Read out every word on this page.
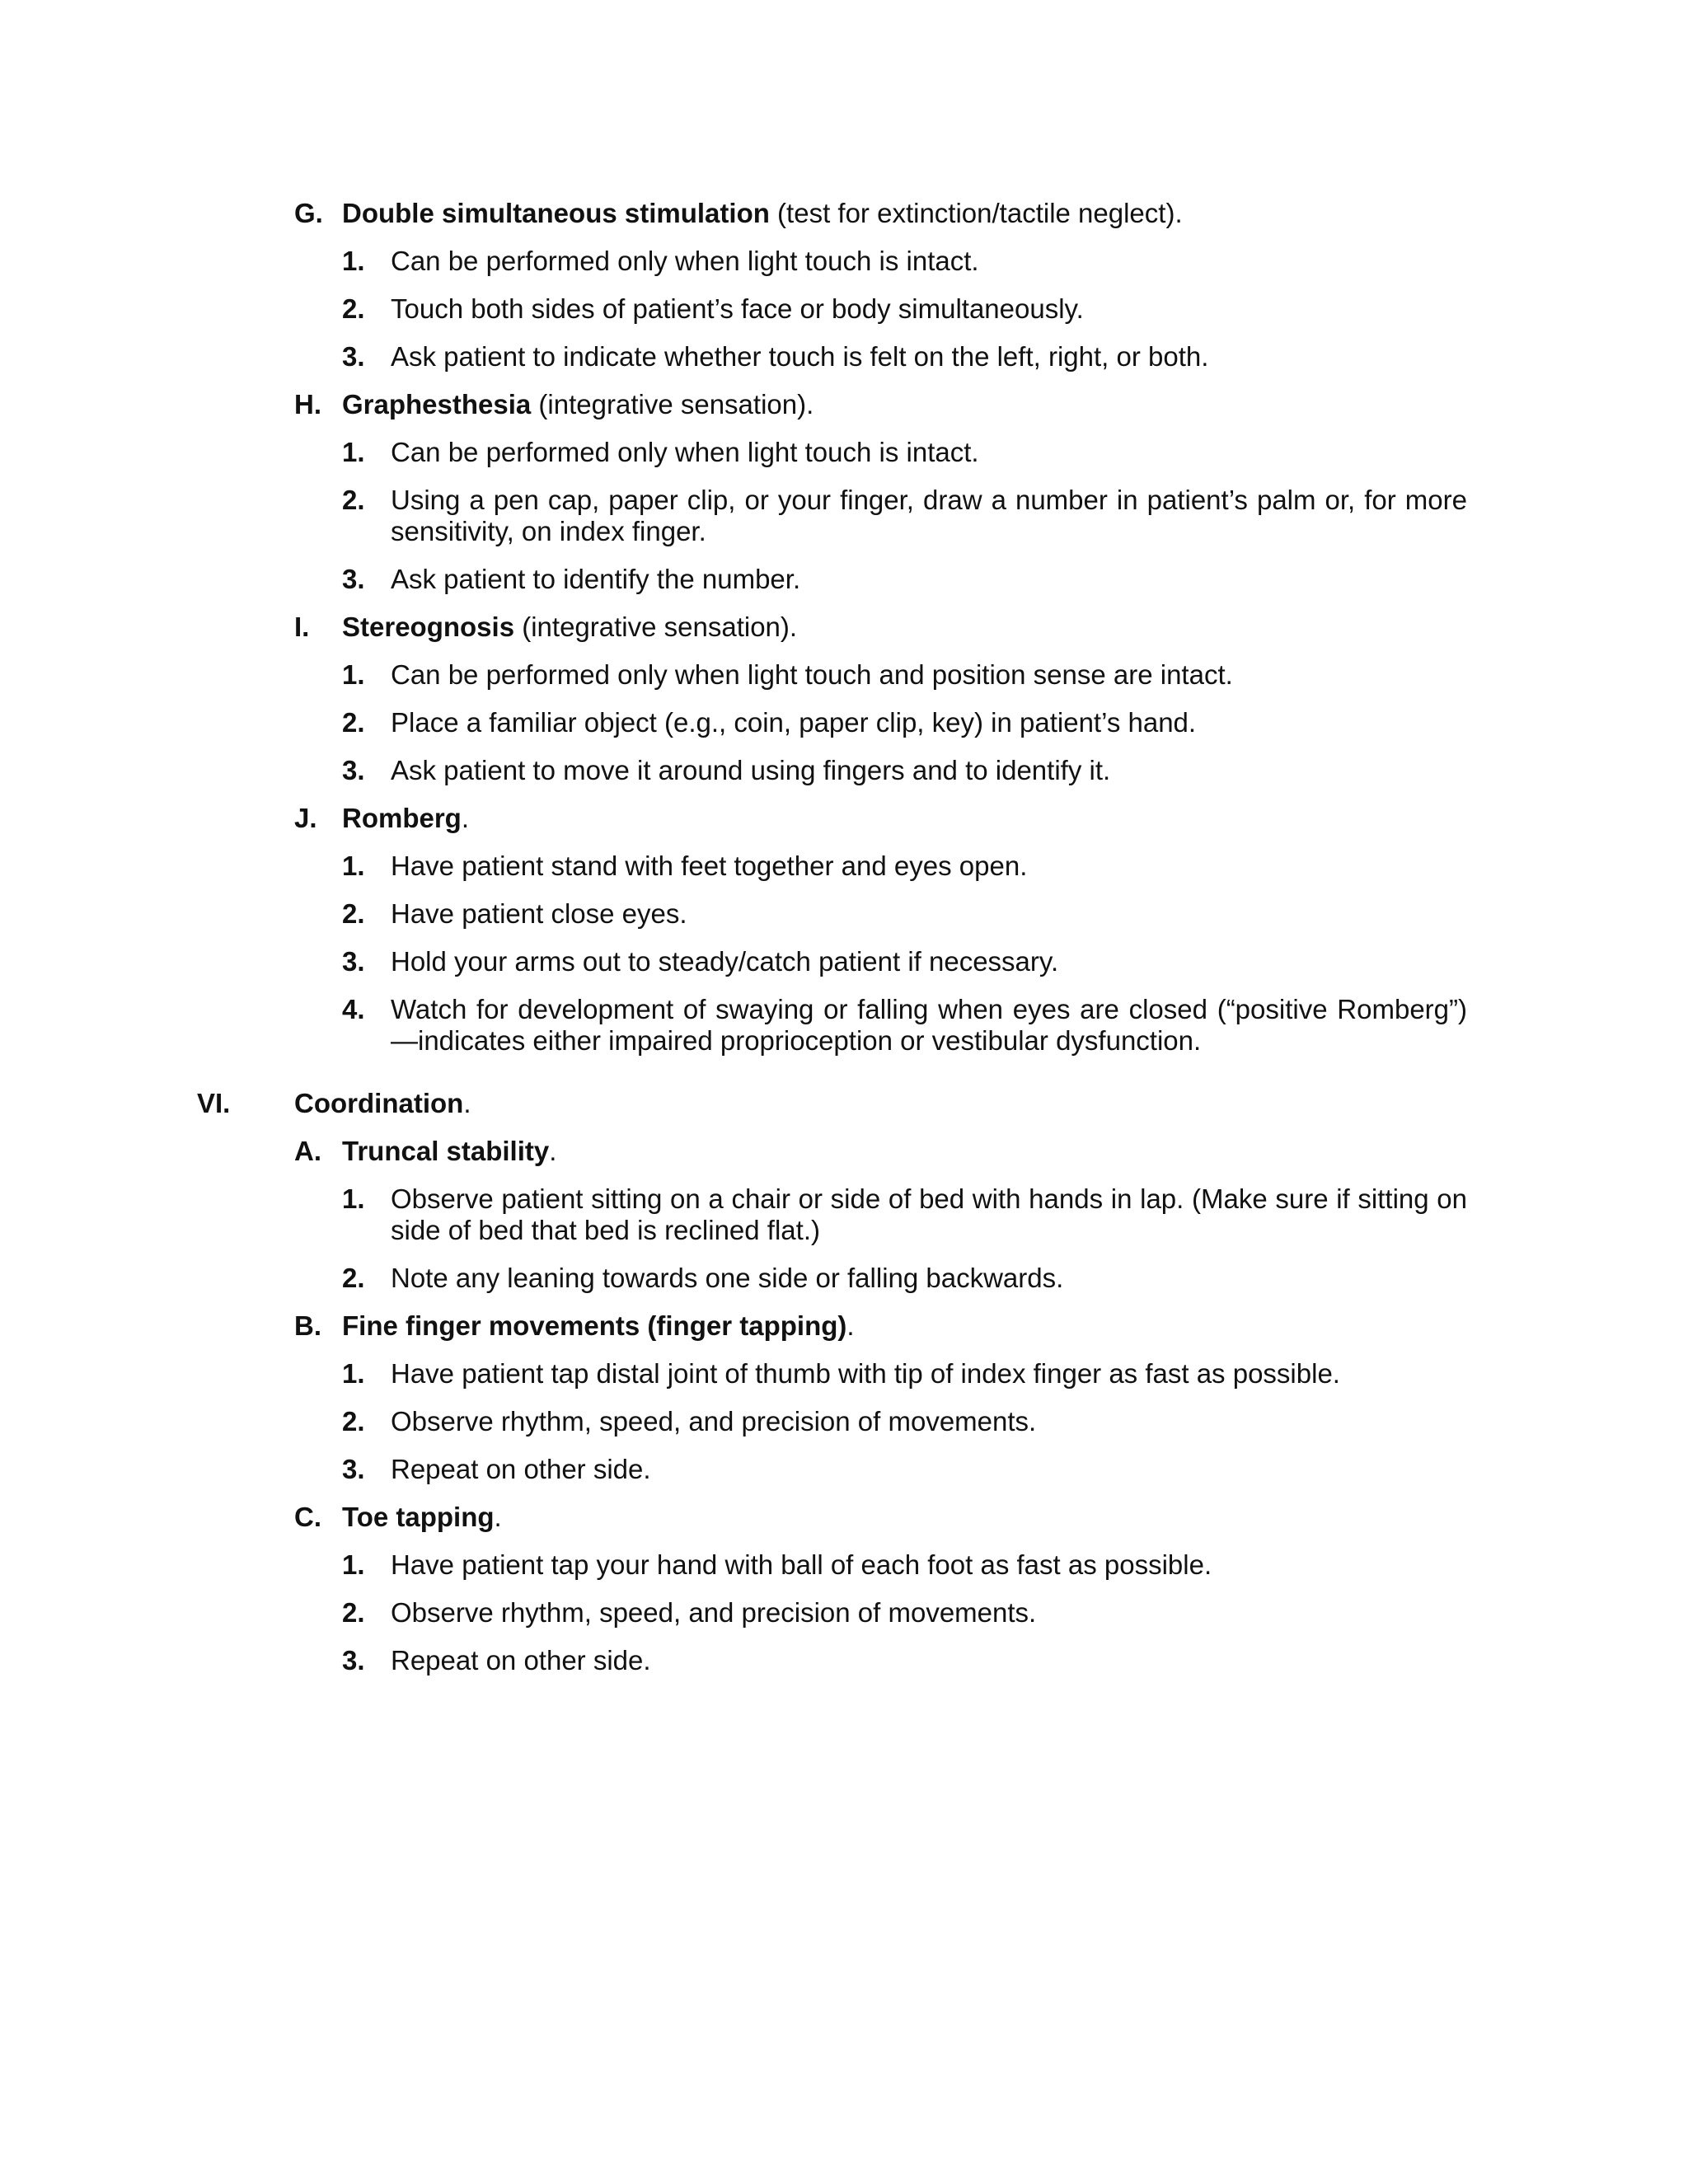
G. Double simultaneous stimulation (test for extinction/tactile neglect).
1. Can be performed only when light touch is intact.
2. Touch both sides of patient’s face or body simultaneously.
3. Ask patient to indicate whether touch is felt on the left, right, or both.
H. Graphesthesia (integrative sensation).
1. Can be performed only when light touch is intact.
2. Using a pen cap, paper clip, or your finger, draw a number in patient’s palm or, for more sensitivity, on index finger.
3. Ask patient to identify the number.
I. Stereognosis (integrative sensation).
1. Can be performed only when light touch and position sense are intact.
2. Place a familiar object (e.g., coin, paper clip, key) in patient’s hand.
3. Ask patient to move it around using fingers and to identify it.
J. Romberg.
1. Have patient stand with feet together and eyes open.
2. Have patient close eyes.
3. Hold your arms out to steady/catch patient if necessary.
4. Watch for development of swaying or falling when eyes are closed (“positive Romberg”)—indicates either impaired proprioception or vestibular dysfunction.
VI. Coordination.
A. Truncal stability.
1. Observe patient sitting on a chair or side of bed with hands in lap. (Make sure if sitting on side of bed that bed is reclined flat.)
2. Note any leaning towards one side or falling backwards.
B. Fine finger movements (finger tapping).
1. Have patient tap distal joint of thumb with tip of index finger as fast as possible.
2. Observe rhythm, speed, and precision of movements.
3. Repeat on other side.
C. Toe tapping.
1. Have patient tap your hand with ball of each foot as fast as possible.
2. Observe rhythm, speed, and precision of movements.
3. Repeat on other side.
